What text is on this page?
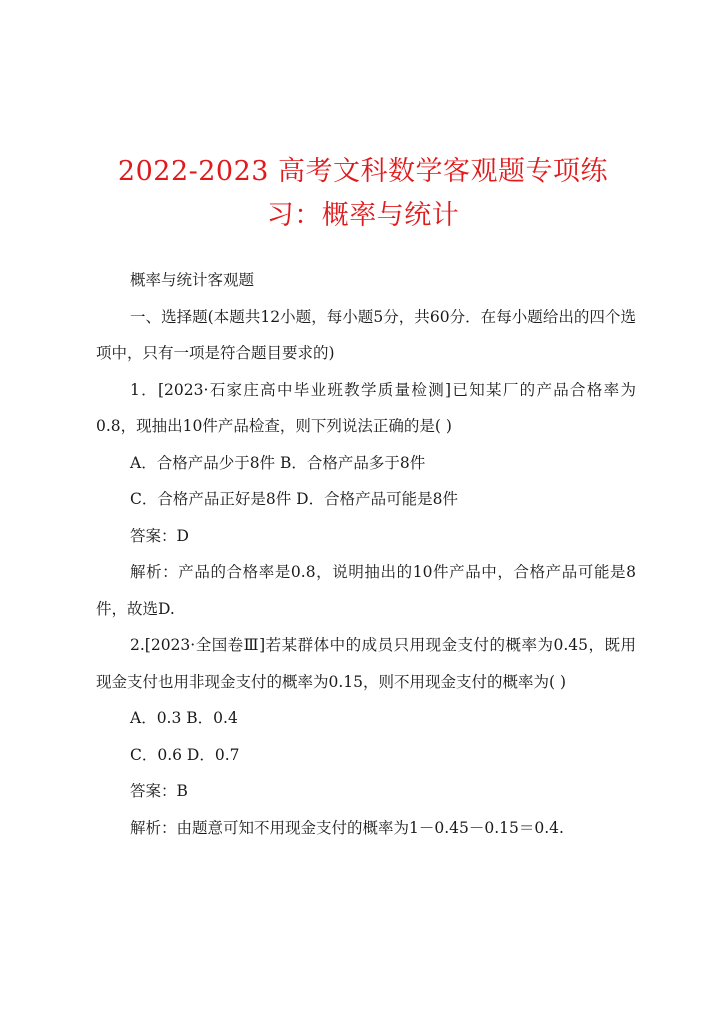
2022-2023 高考文科数学客观题专项练习：概率与统计

概率与统计客观题

一、选择题(本题共12小题，每小题5分，共60分．在每小题给出的四个选项中，只有一项是符合题目要求的)

1．[2023·石家庄高中毕业班教学质量检测]已知某厂的产品合格率为0.8，现抽出10件产品检查，则下列说法正确的是( )

A．合格产品少于8件 B．合格产品多于8件

C．合格产品正好是8件 D．合格产品可能是8件

答案：D

解析：产品的合格率是0.8，说明抽出的10件产品中，合格产品可能是8件，故选D.

2.[2023·全国卷Ⅲ]若某群体中的成员只用现金支付的概率为0.45，既用现金支付也用非现金支付的概率为0.15，则不用现金支付的概率为( )

A．0.3 B．0.4

C．0.6 D．0.7

答案：B

解析：由题意可知不用现金支付的概率为1－0.45－0.15＝0.4.
